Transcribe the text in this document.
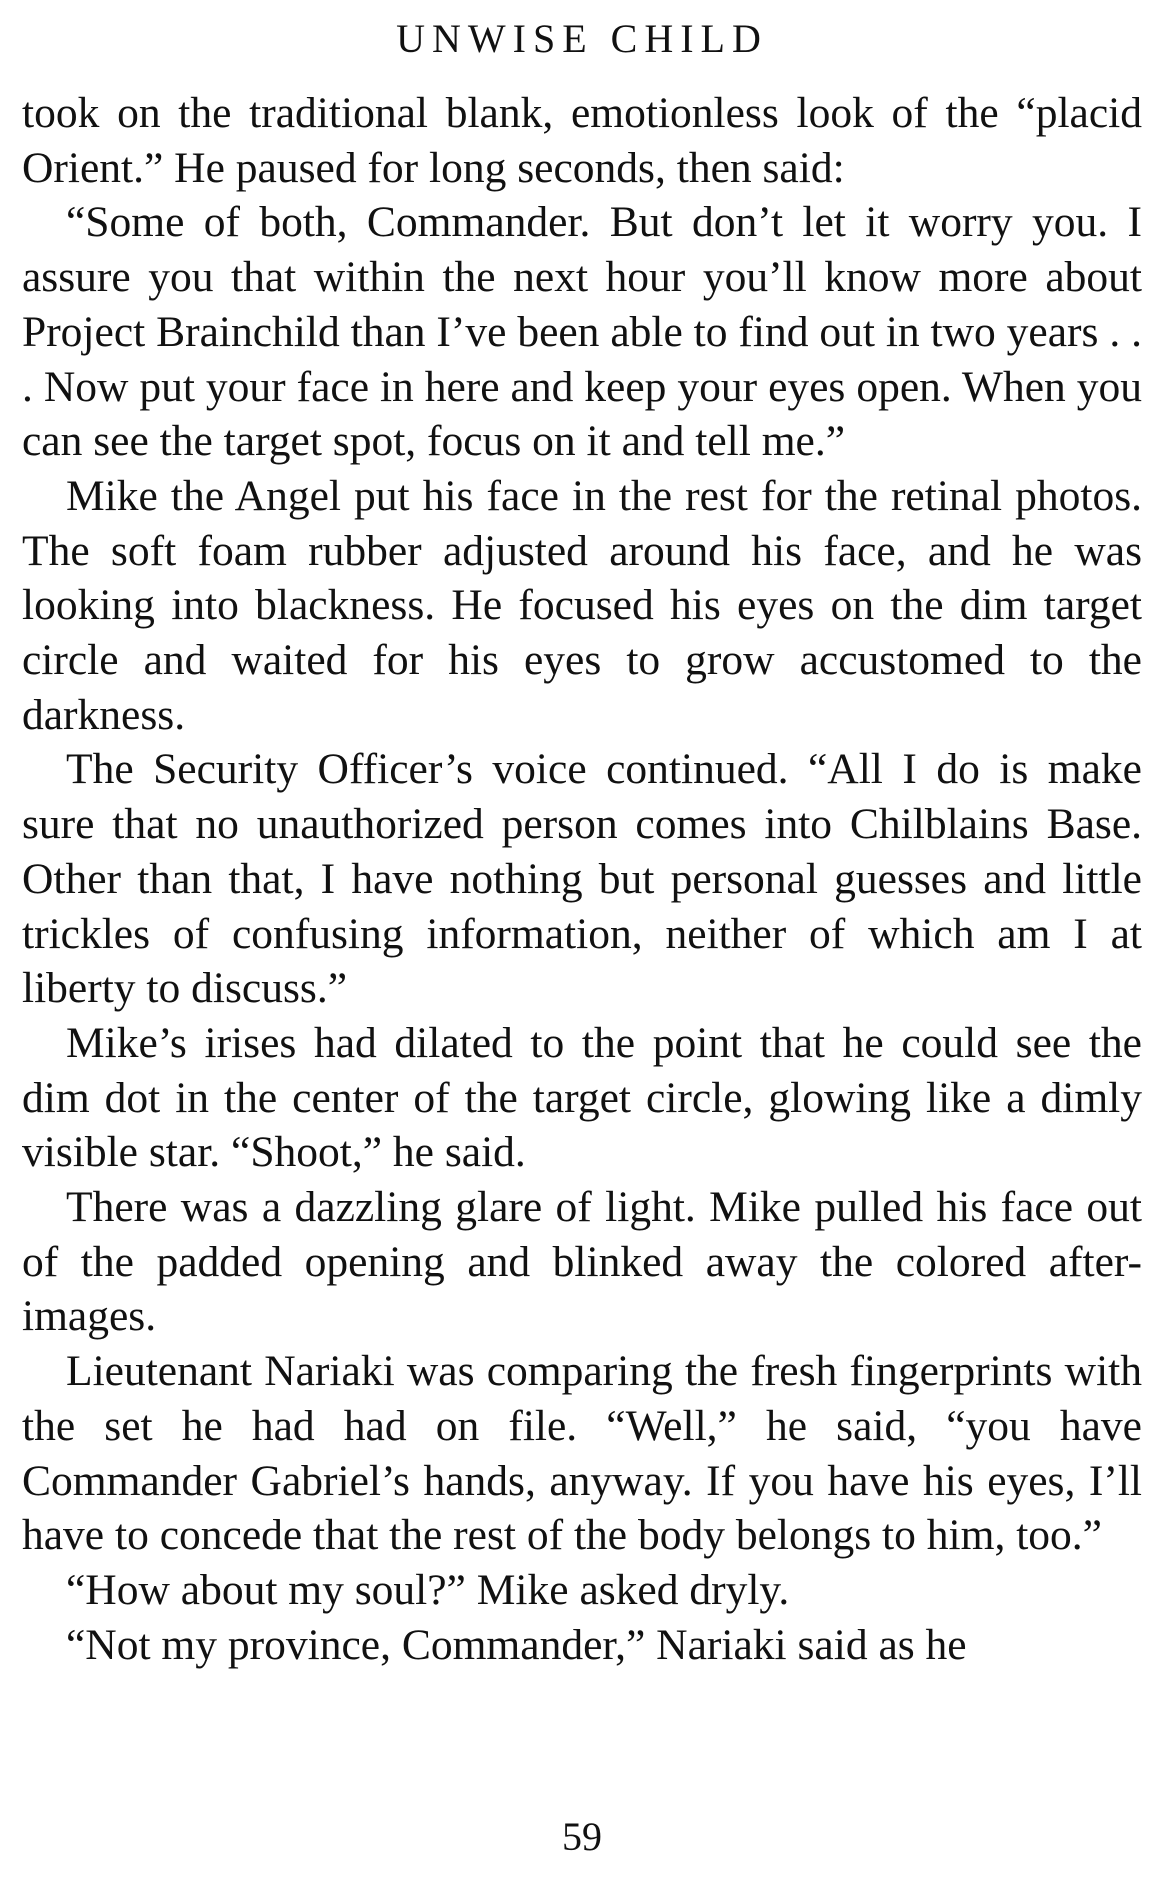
UNWISE CHILD

took on the traditional blank, emotionless look of the “placid Orient.” He paused for long seconds, then said:

“Some of both, Commander. But don’t let it worry you. I assure you that within the next hour you’ll know more about Project Brainchild than I’ve been able to find out in two years . . . Now put your face in here and keep your eyes open. When you can see the target spot, focus on it and tell me.”

Mike the Angel put his face in the rest for the retinal photos. The soft foam rubber adjusted around his face, and he was looking into blackness. He focused his eyes on the dim target circle and waited for his eyes to grow accustomed to the darkness.

The Security Officer’s voice continued. “All I do is make sure that no unauthorized person comes into Chilblains Base. Other than that, I have nothing but personal guesses and little trickles of confusing information, neither of which am I at liberty to discuss.”

Mike’s irises had dilated to the point that he could see the dim dot in the center of the target circle, glowing like a dimly visible star. “Shoot,” he said.

There was a dazzling glare of light. Mike pulled his face out of the padded opening and blinked away the colored after-images.

Lieutenant Nariaki was comparing the fresh fingerprints with the set he had had on file. “Well,” he said, “you have Commander Gabriel’s hands, anyway. If you have his eyes, I’ll have to concede that the rest of the body belongs to him, too.”

“How about my soul?” Mike asked dryly.

“Not my province, Commander,” Nariaki said as he

59
